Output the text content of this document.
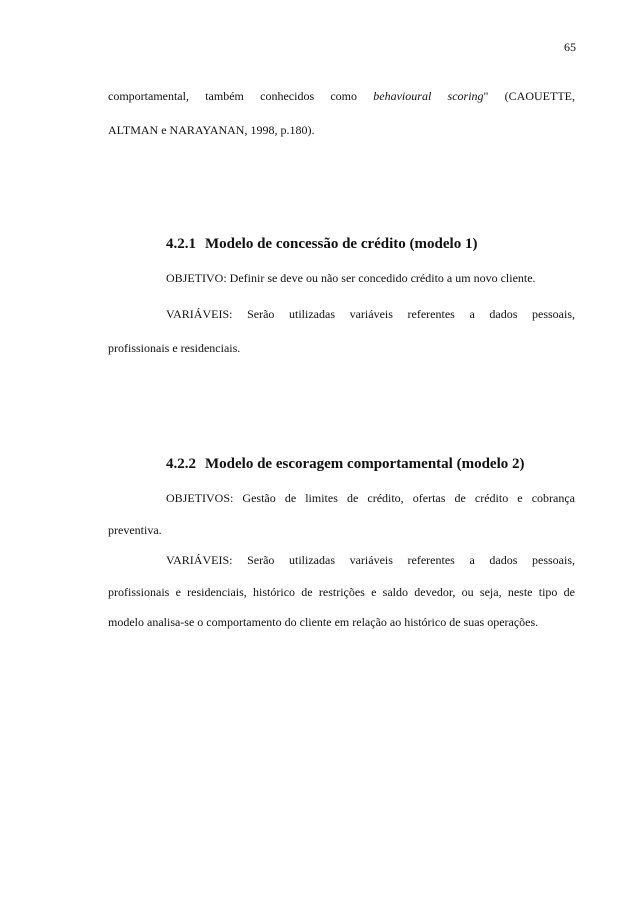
65
comportamental, também conhecidos como behavioural scoring" (CAOUETTE,
ALTMAN e NARAYANAN, 1998, p.180).
4.2.1 Modelo de concessão de crédito (modelo 1)
OBJETIVO: Definir se deve ou não ser concedido crédito a um novo cliente.
VARIÁVEIS: Serão utilizadas variáveis referentes a dados pessoais,
profissionais e residenciais.
4.2.2 Modelo de escoragem comportamental (modelo 2)
OBJETIVOS: Gestão de limites de crédito, ofertas de crédito e cobrança
preventiva.
VARIÁVEIS: Serão utilizadas variáveis referentes a dados pessoais,
profissionais e residenciais, histórico de restrições e saldo devedor, ou seja, neste tipo de
modelo analisa-se o comportamento do cliente em relação ao histórico de suas operações.
